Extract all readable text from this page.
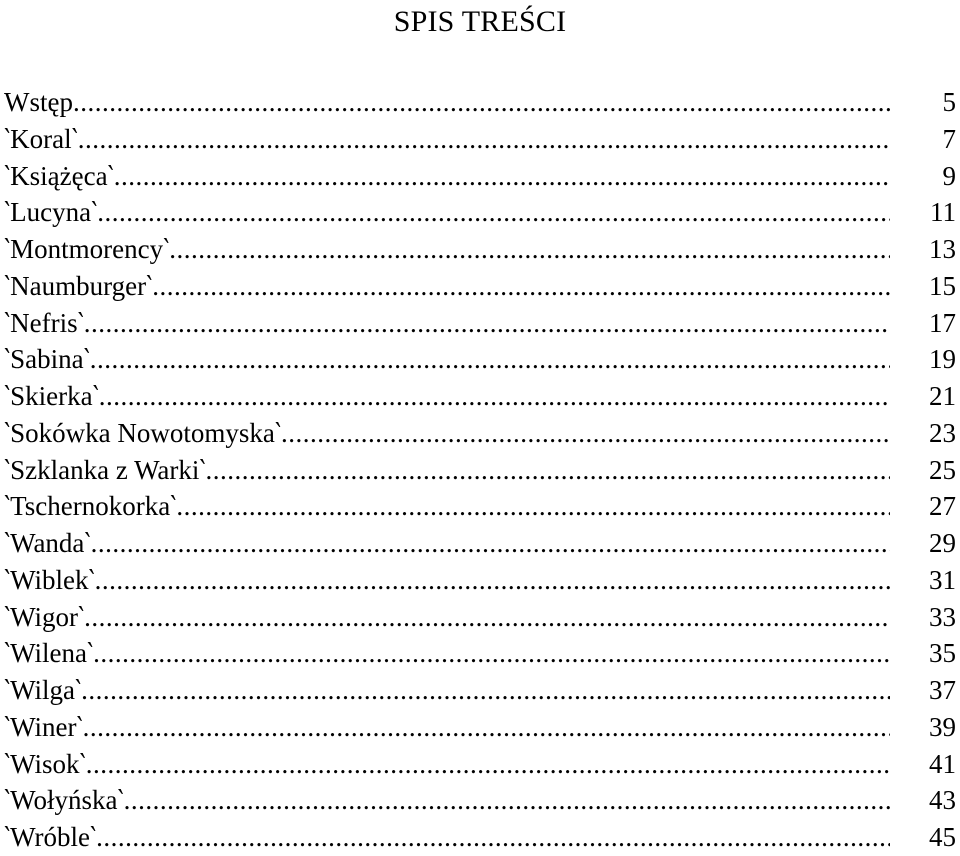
SPIS TREŚCI
Wstęp .....	5
‵Koral‵ .....	7
‵Książęca‵ .....	9
‵Lucyna‵ .....	11
‵Montmorency‵ .....	13
‵Naumburger‵ .....	15
‵Nefris‵ .....	17
‵Sabina‵ .....	19
‵Skierka‵ .....	21
‵Sokówka Nowotomyska‵ .....	23
‵Szklanka z Warki‵ .....	25
‵Tschernokorka‵ .....	27
‵Wanda‵ .....	29
‵Wiblek‵ .....	31
‵Wigor‵ .....	33
‵Wilena‵ .....	35
‵Wilga‵ .....	37
‵Winer‵ .....	39
‵Wisok‵ .....	41
‵Wołyńska‵ .....	43
‵Wróble‵ .....	45
